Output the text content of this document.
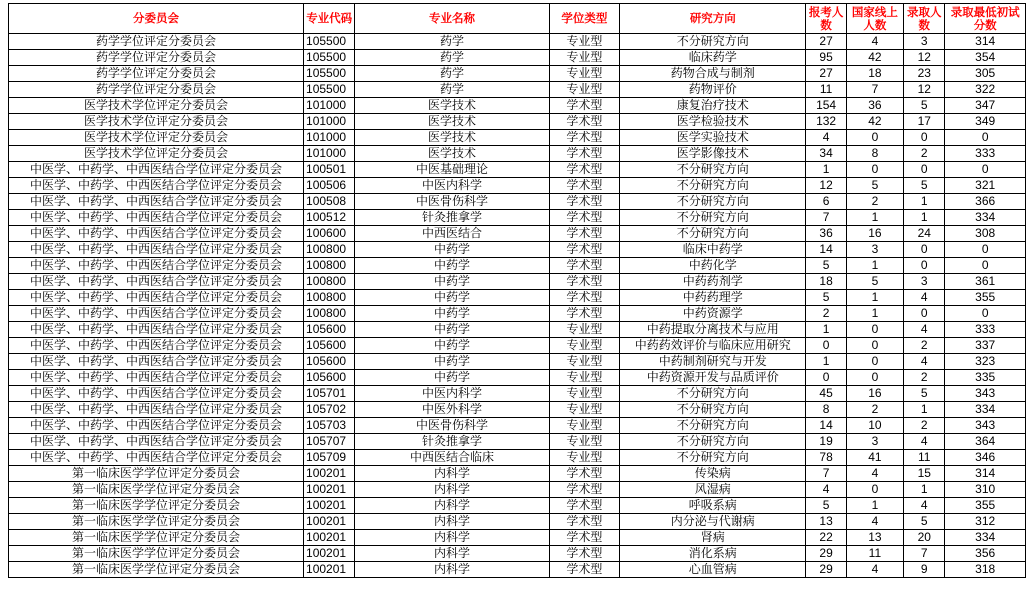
分委员会	专业代码	专业名称	学位类型	研究方向	报考人数	国家线上人数	录取人数	录取最低初试分数
药学学位评定分委员会	105500	药学	专业型	不分研究方向	27	4	3	314
药学学位评定分委员会	105500	药学	专业型	临床药学	95	42	12	354
药学学位评定分委员会	105500	药学	专业型	药物合成与制剂	27	18	23	305
药学学位评定分委员会	105500	药学	专业型	药物评价	11	7	12	322
医学技术学位评定分委员会	101000	医学技术	学术型	康复治疗技术	154	36	5	347
医学技术学位评定分委员会	101000	医学技术	学术型	医学检验技术	132	42	17	349
医学技术学位评定分委员会	101000	医学技术	学术型	医学实验技术	4	0	0	0
医学技术学位评定分委员会	101000	医学技术	学术型	医学影像技术	34	8	2	333
中医学、中药学、中西医结合学位评定分委员会	100501	中医基础理论	学术型	不分研究方向	1	0	0	0
中医学、中药学、中西医结合学位评定分委员会	100506	中医内科学	学术型	不分研究方向	12	5	5	321
中医学、中药学、中西医结合学位评定分委员会	100508	中医骨伤科学	学术型	不分研究方向	6	2	1	366
中医学、中药学、中西医结合学位评定分委员会	100512	针灸推拿学	学术型	不分研究方向	7	1	1	334
中医学、中药学、中西医结合学位评定分委员会	100600	中西医结合	学术型	不分研究方向	36	16	24	308
中医学、中药学、中西医结合学位评定分委员会	100800	中药学	学术型	临床中药学	14	3	0	0
中医学、中药学、中西医结合学位评定分委员会	100800	中药学	学术型	中药化学	5	1	0	0
中医学、中药学、中西医结合学位评定分委员会	100800	中药学	学术型	中药药剂学	18	5	3	361
中医学、中药学、中西医结合学位评定分委员会	100800	中药学	学术型	中药药理学	5	1	4	355
中医学、中药学、中西医结合学位评定分委员会	100800	中药学	学术型	中药资源学	2	1	0	0
中医学、中药学、中西医结合学位评定分委员会	105600	中药学	专业型	中药提取分离技术与应用	1	0	4	333
中医学、中药学、中西医结合学位评定分委员会	105600	中药学	专业型	中药药效评价与临床应用研究	0	0	2	337
中医学、中药学、中西医结合学位评定分委员会	105600	中药学	专业型	中药制剂研究与开发	1	0	4	323
中医学、中药学、中西医结合学位评定分委员会	105600	中药学	专业型	中药资源开发与品质评价	0	0	2	335
中医学、中药学、中西医结合学位评定分委员会	105701	中医内科学	专业型	不分研究方向	45	16	5	343
中医学、中药学、中西医结合学位评定分委员会	105702	中医外科学	专业型	不分研究方向	8	2	1	334
中医学、中药学、中西医结合学位评定分委员会	105703	中医骨伤科学	专业型	不分研究方向	14	10	2	343
中医学、中药学、中西医结合学位评定分委员会	105707	针灸推拿学	专业型	不分研究方向	19	3	4	364
中医学、中药学、中西医结合学位评定分委员会	105709	中西医结合临床	专业型	不分研究方向	78	41	11	346
第一临床医学学位评定分委员会	100201	内科学	学术型	传染病	7	4	15	314
第一临床医学学位评定分委员会	100201	内科学	学术型	风湿病	4	0	1	310
第一临床医学学位评定分委员会	100201	内科学	学术型	呼吸系病	5	1	4	355
第一临床医学学位评定分委员会	100201	内科学	学术型	内分泌与代谢病	13	4	5	312
第一临床医学学位评定分委员会	100201	内科学	学术型	肾病	22	13	20	334
第一临床医学学位评定分委员会	100201	内科学	学术型	消化系病	29	11	7	356
第一临床医学学位评定分委员会	100201	内科学	学术型	心血管病	29	4	9	318
